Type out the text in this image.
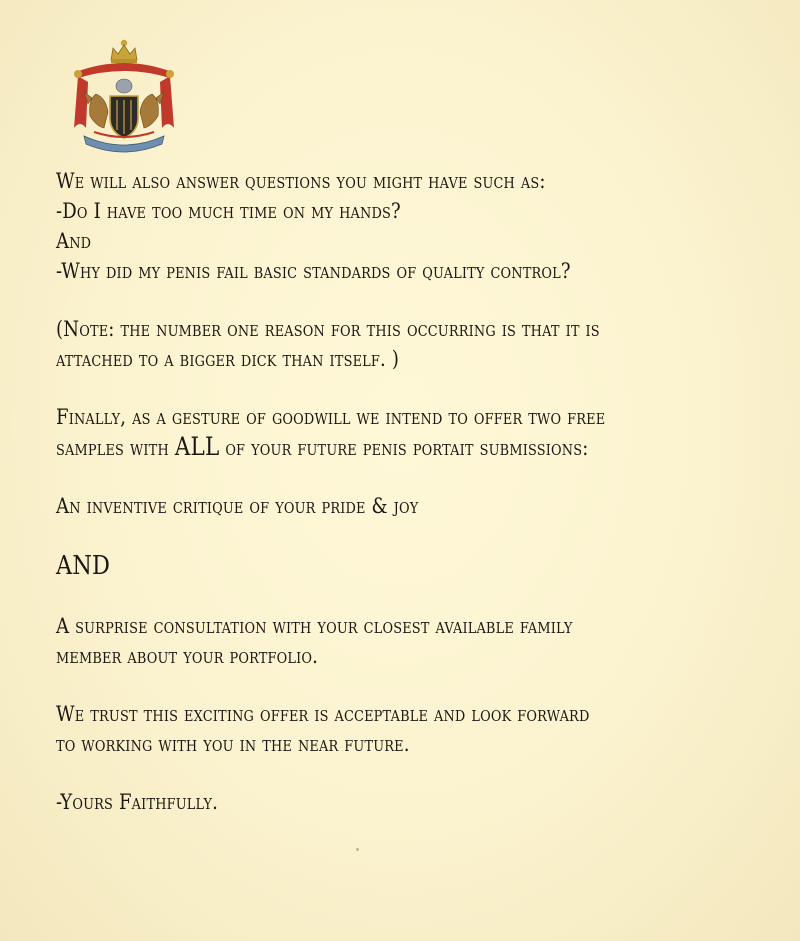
We will also answer questions you might have such as:
-Do I have too much time on my hands?
And
-Why did my penis fail basic standards of quality control?
(Note: the number one reason for this occurring is that it is
attached to a bigger dick than itself. )
Finally, as a gesture of goodwill we intend to offer two free
samples with ALL of your future penis portait submissions:
An inventive critique of your pride & joy
AND
A surprise consultation with your closest available family
member about your portfolio.
We trust this exciting offer is acceptable and look forward
to working with you in the near future.
-Yours Faithfully.
